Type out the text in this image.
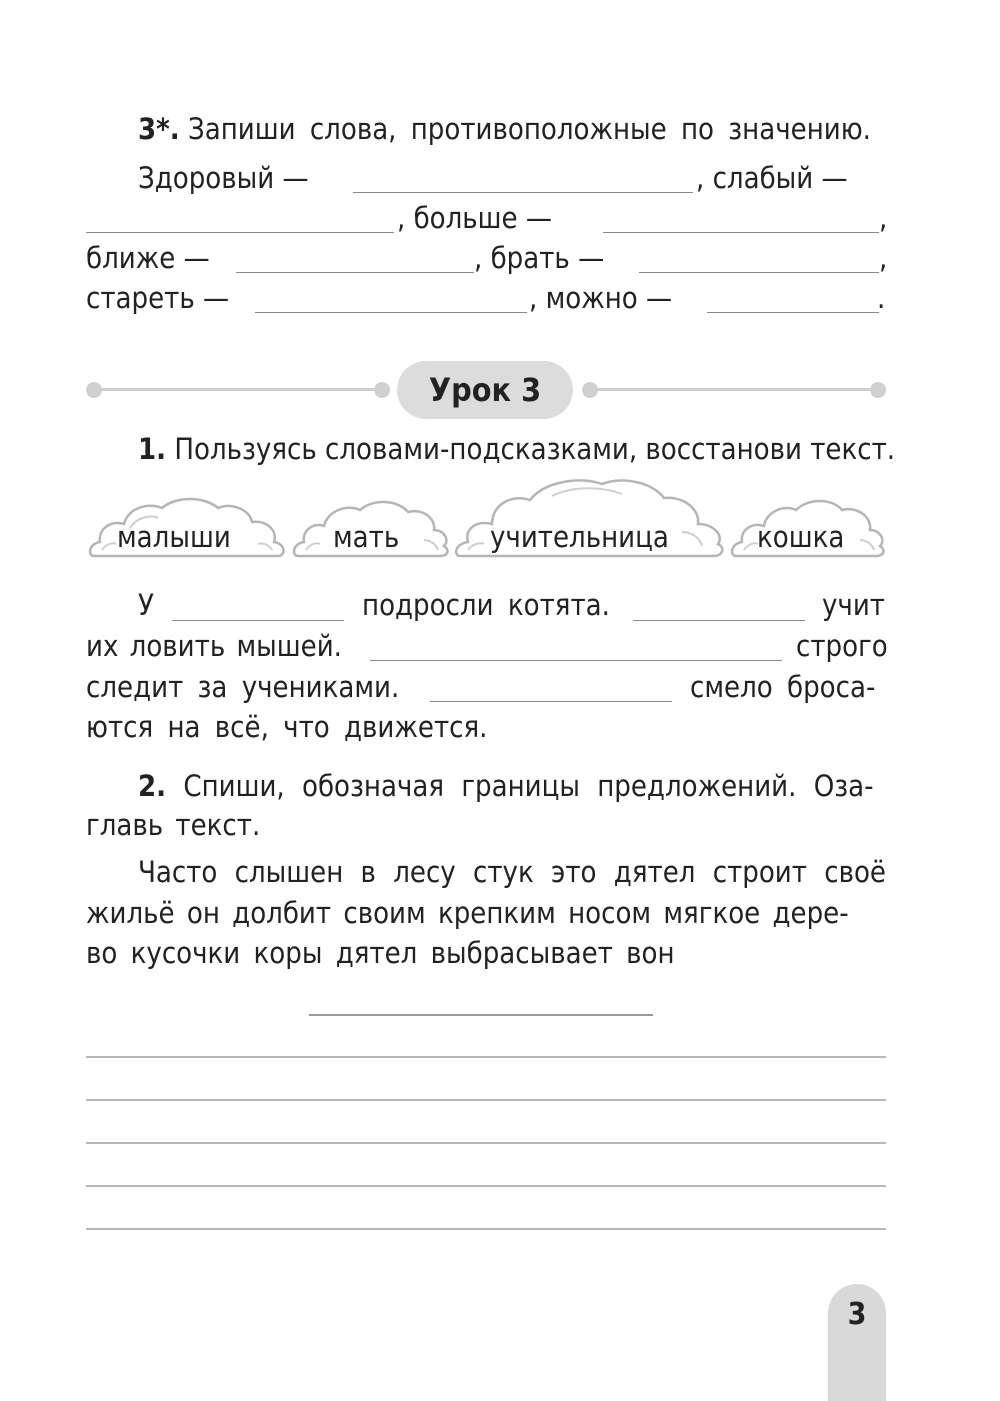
3*. Запиши слова, противоположные по значению.
Здоровый —	, слабый —
, больше —	,
ближе —	, брать —	,
стареть —	, можно —	.
Урок 3
1. Пользуясь словами-подсказками, восстанови текст.
малыши	мать	учительница	кошка
У	подросли котята.	учит
их ловить мышей.	строго
следит за учениками.	смело броса-
ются на всё, что движется.
2. Спиши, обозначая границы предложений. Оза-
главь текст.
Часто слышен в лесу стук это дятел строит своё
жильё он долбит своим крепким носом мягкое дере-
во кусочки коры дятел выбрасывает вон
3
